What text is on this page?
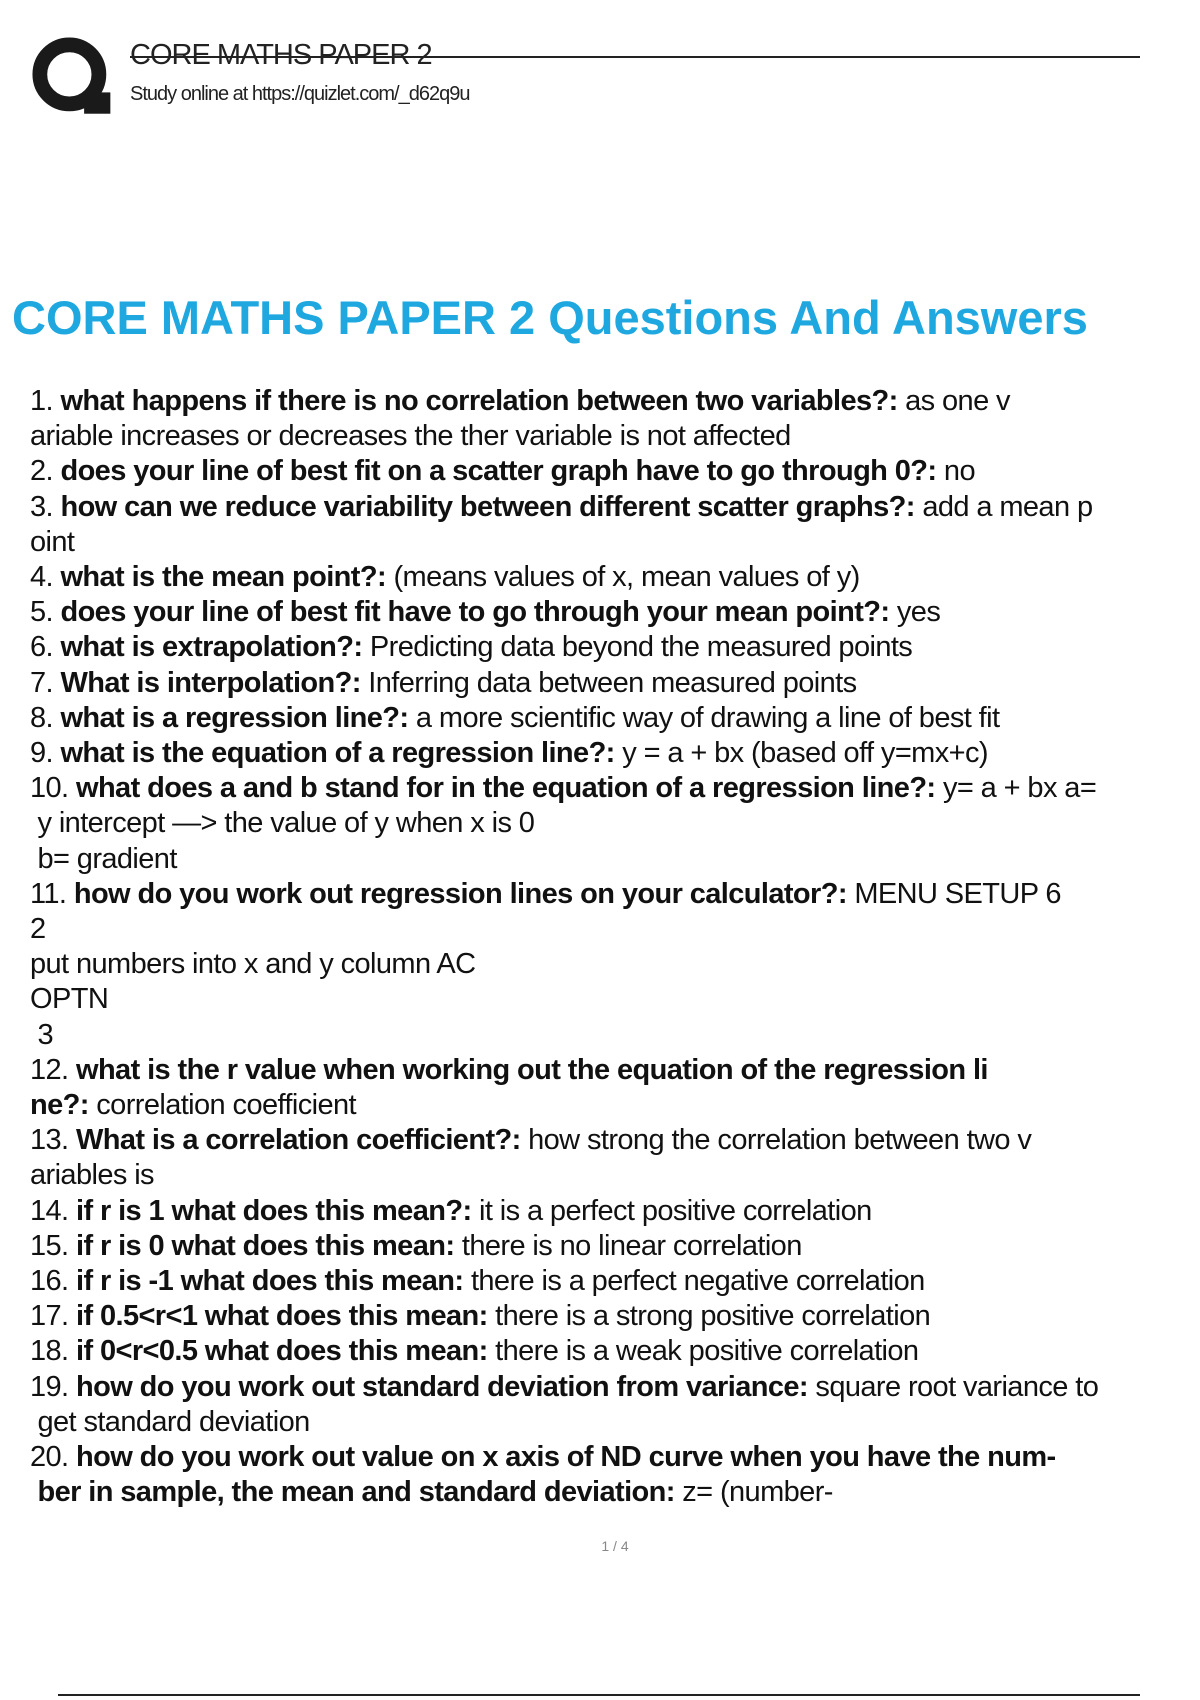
CORE MATHS PAPER 2
Study online at https://quizlet.com/_d62q9u
CORE MATHS PAPER 2 Questions And Answers
1. what happens if there is no correlation between two variables?: as one v
ariable increases or decreases the ther variable is not affected
2. does your line of best fit on a scatter graph have to go through 0?: no
3. how can we reduce variability between different scatter graphs?: add a mean p
oint
4. what is the mean point?: (means values of x, mean values of y)
5. does your line of best fit have to go through your mean point?: yes
6. what is extrapolation?: Predicting data beyond the measured points
7. What is interpolation?: Inferring data between measured points
8. what is a regression line?: a more scientific way of drawing a line of best fit
9. what is the equation of a regression line?: y = a + bx (based off y=mx+c)
10. what does a and b stand for in the equation of a regression line?: y= a + bx a=
y intercept —> the value of y when x is 0
b= gradient
11. how do you work out regression lines on your calculator?: MENU SETUP 6
2
put numbers into x and y column AC
OPTN
3
12. what is the r value when working out the equation of the regression li
ne?: correlation coefficient
13. What is a correlation coefficient?: how strong the correlation between two v
ariables is
14. if r is 1 what does this mean?: it is a perfect positive correlation
15. if r is 0 what does this mean: there is no linear correlation
16. if r is -1 what does this mean: there is a perfect negative correlation
17. if 0.5<r<1 what does this mean: there is a strong positive correlation
18. if 0<r<0.5 what does this mean: there is a weak positive correlation
19. how do you work out standard deviation from variance: square root variance to
get standard deviation
20. how do you work out value on x axis of ND curve when you have the num-
ber in sample, the mean and standard deviation: z= (number-
1 / 4
